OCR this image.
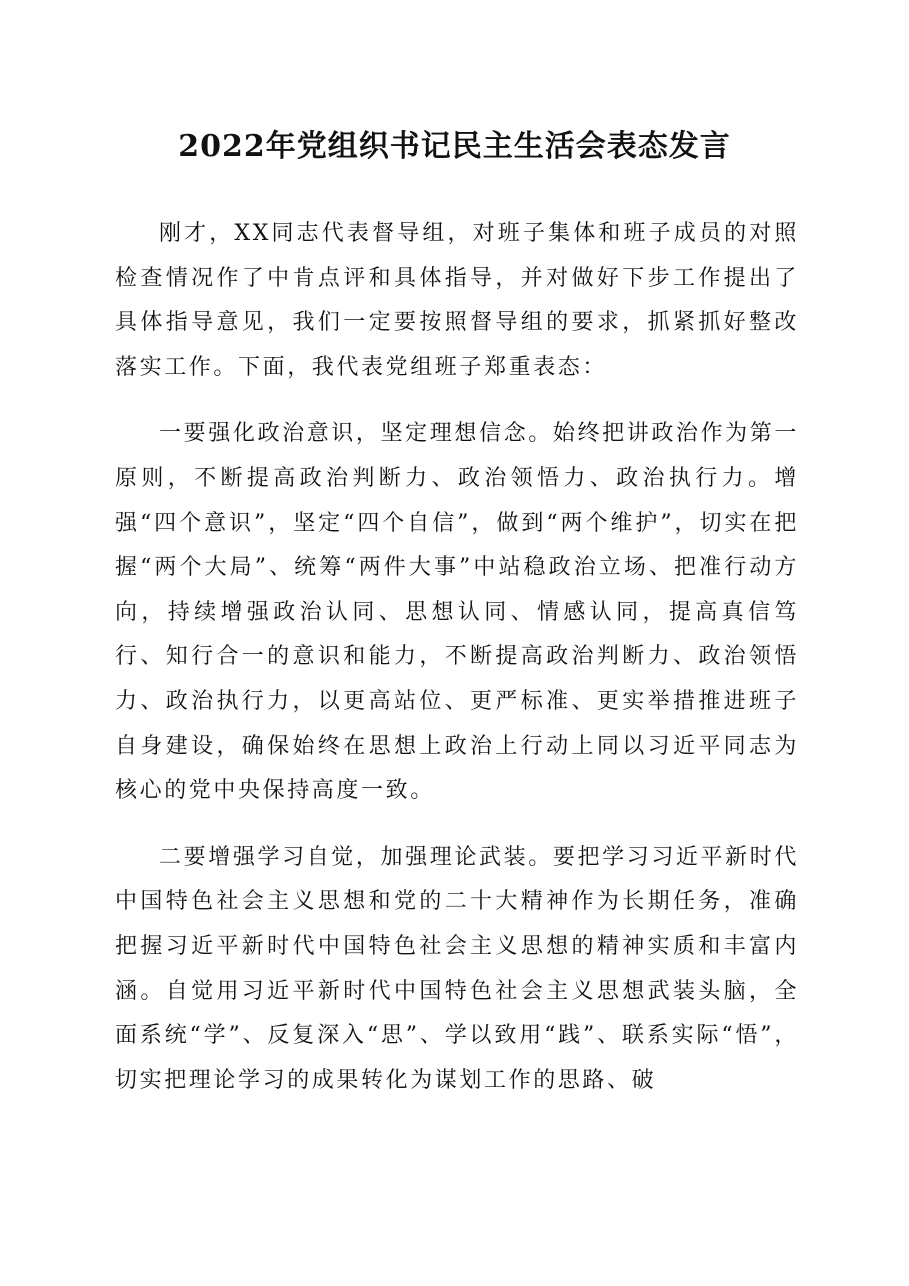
2022年党组织书记民主生活会表态发言

刚才，XX同志代表督导组，对班子集体和班子成员的对照检查情况作了中肯点评和具体指导，并对做好下步工作提出了具体指导意见，我们一定要按照督导组的要求，抓紧抓好整改落实工作。下面，我代表党组班子郑重表态：

一要强化政治意识，坚定理想信念。始终把讲政治作为第一原则，不断提高政治判断力、政治领悟力、政治执行力。增强“四个意识”，坚定“四个自信”，做到“两个维护”，切实在把握“两个大局”、统筹“两件大事”中站稳政治立场、把准行动方向，持续增强政治认同、思想认同、情感认同，提高真信笃行、知行合一的意识和能力，不断提高政治判断力、政治领悟力、政治执行力，以更高站位、更严标准、更实举措推进班子自身建设，确保始终在思想上政治上行动上同以习近平同志为核心的党中央保持高度一致。

二要增强学习自觉，加强理论武装。要把学习习近平新时代中国特色社会主义思想和党的二十大精神作为长期任务，准确把握习近平新时代中国特色社会主义思想的精神实质和丰富内涵。自觉用习近平新时代中国特色社会主义思想武装头脑，全面系统“学”、反复深入“思”、学以致用“践”、联系实际“悟”，切实把理论学习的成果转化为谋划工作的思路、破
